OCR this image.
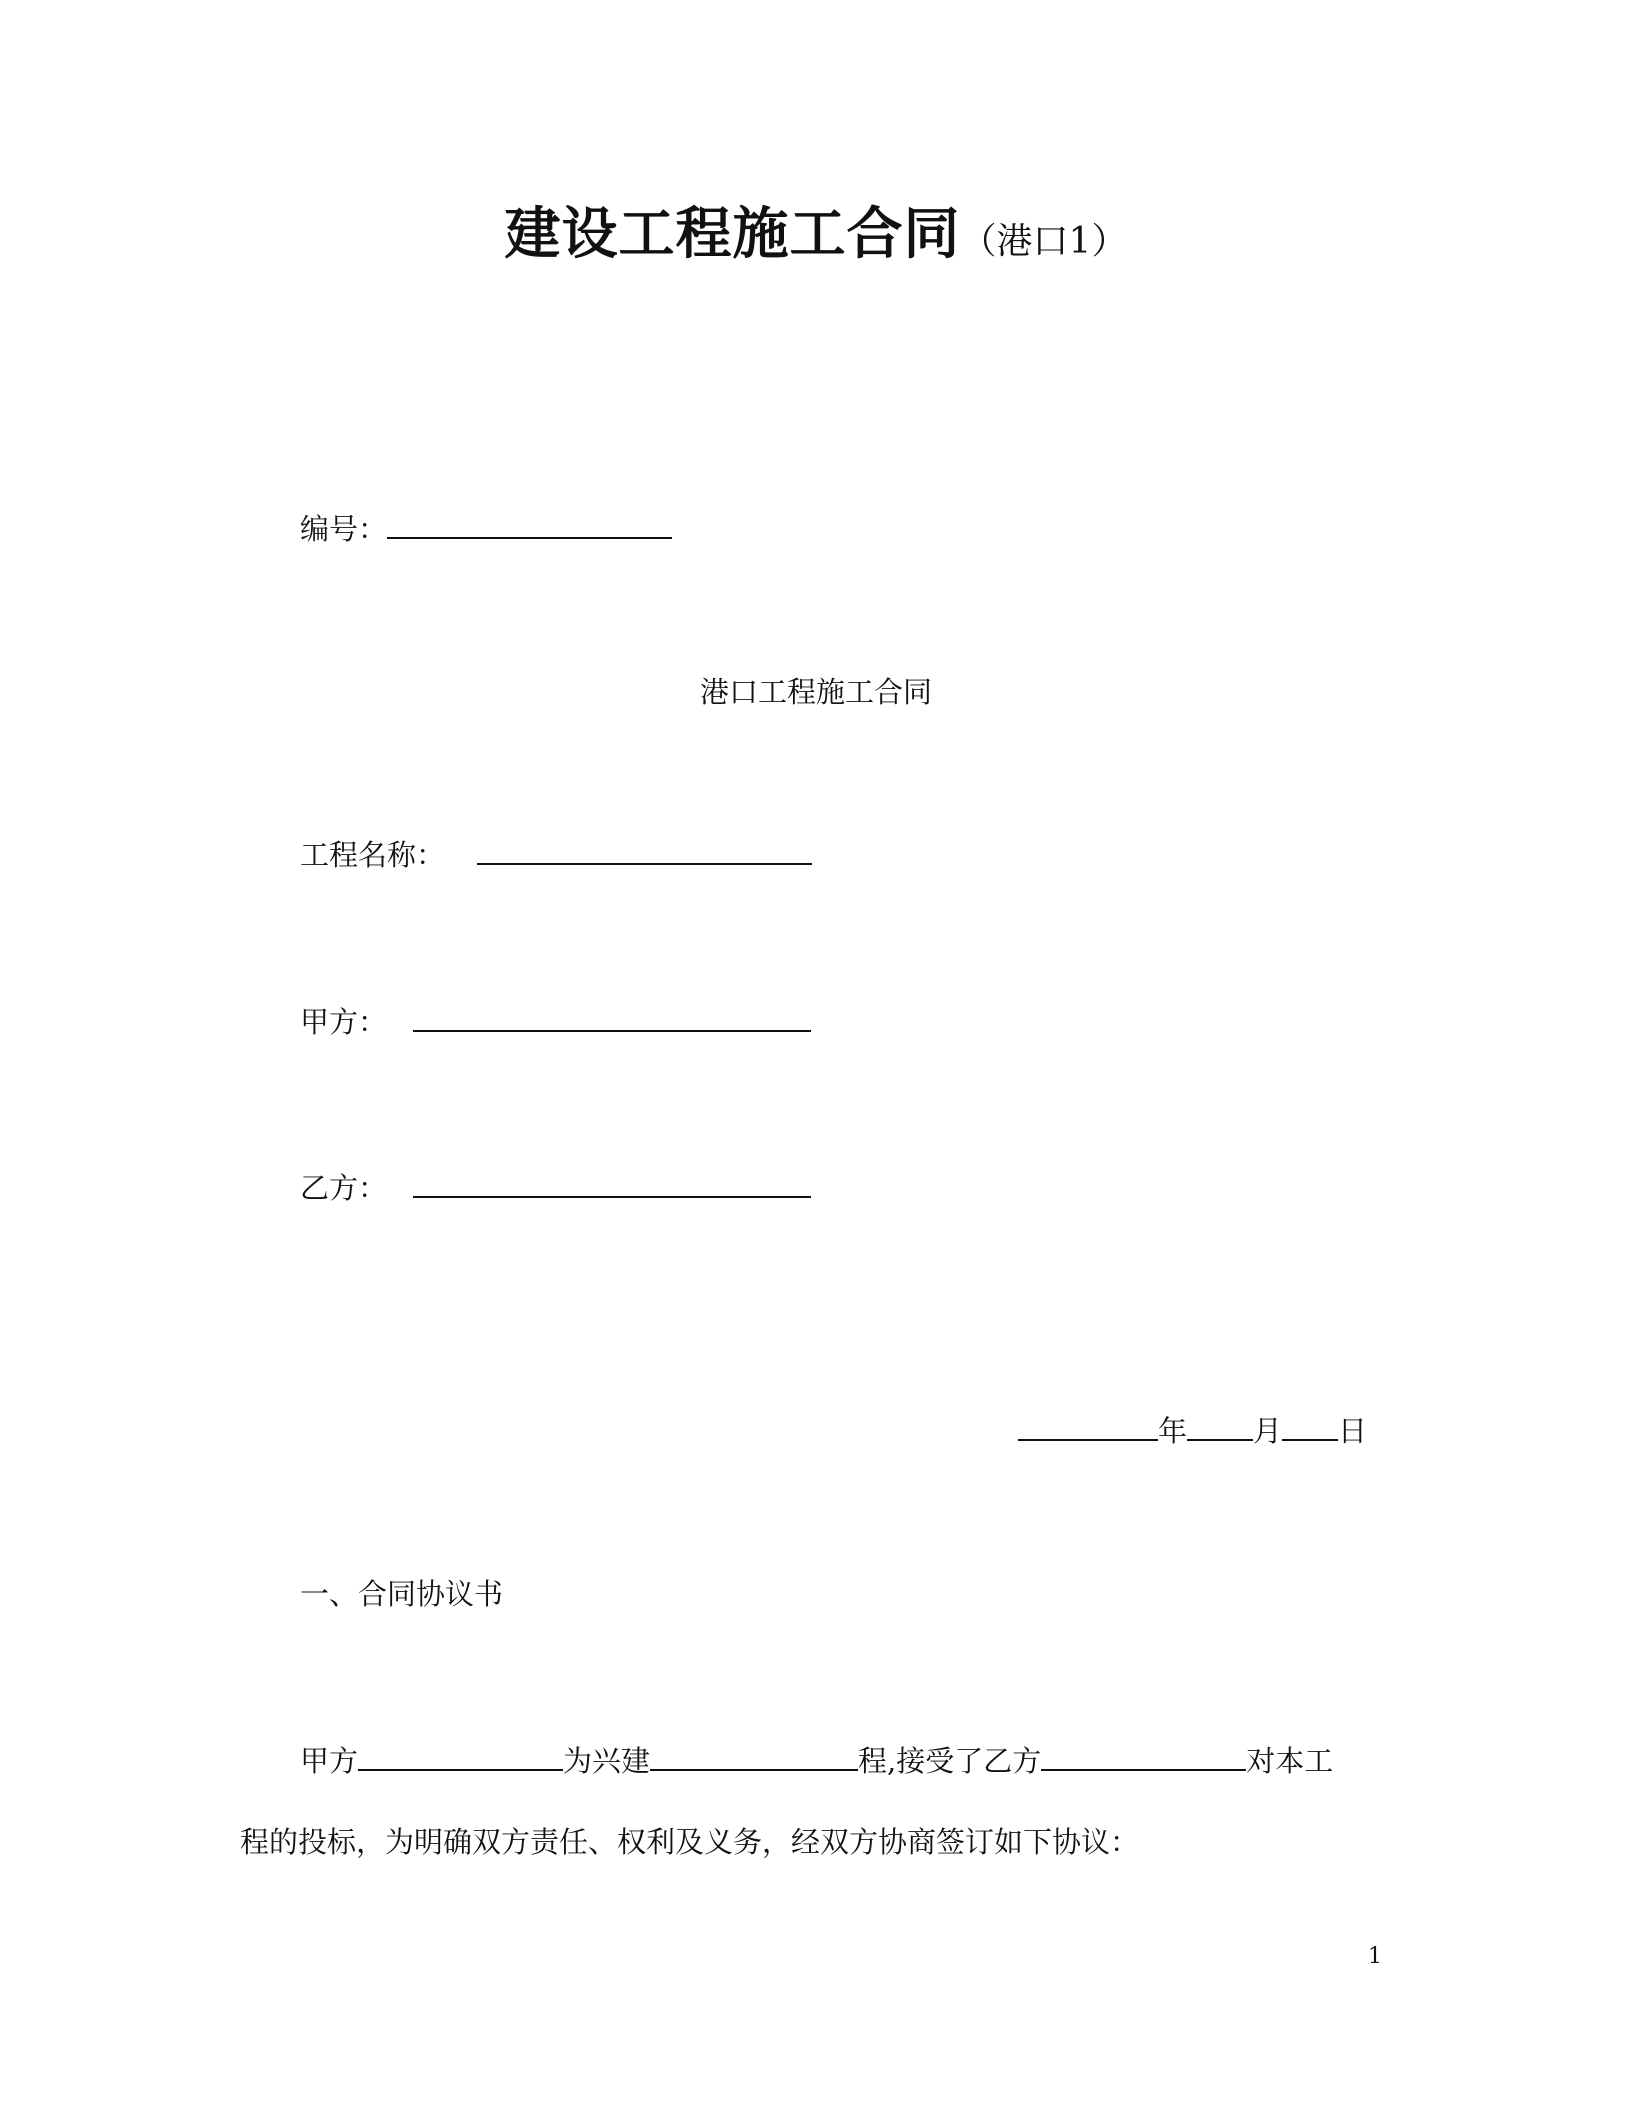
建设工程施工合同（港口1）
编号：
港口工程施工合同
工程名称：
甲方：
乙方：
年 月 日
一、合同协议书
甲方	为兴建	程,接受了乙方	对本工
程的投标，为明确双方责任、权利及义务，经双方协商签订如下协议：
1
